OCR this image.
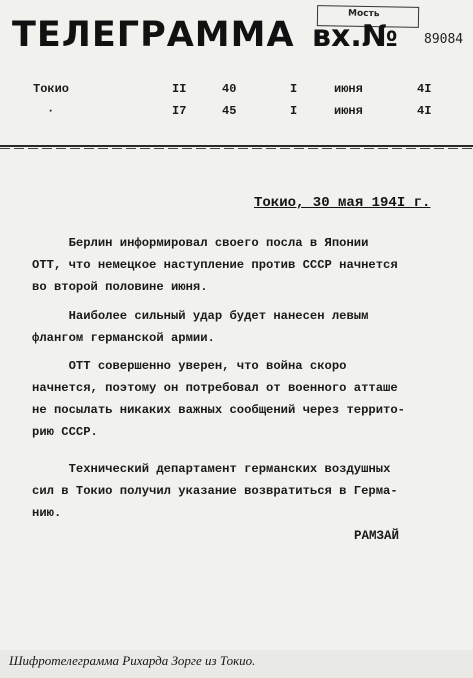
Мость
ТЕЛЕГРАММА вх.№ 89084
Токио	II	40	I	июня	4I
·	I7	45	I	июня	4I
Токио, 30 мая 194I г.
Берлин информировал своего посла в Японии
ОТТ, что немецкое наступление против СССР начнется
во второй половине июня.
Наиболее сильный удар будет нанесен левым
флангом германской армии.
ОТТ совершенно уверен, что война скоро
начнется, поэтому он потребовал от военного атташе
не посылать никаких важных сообщений через террито-
рию СССР.
Технический департамент германских воздушных
сил в Токио получил указание возвратиться в Герма-
нию.
РАМЗАЙ
Шифротелеграмма Рихарда Зорге из Токио.
